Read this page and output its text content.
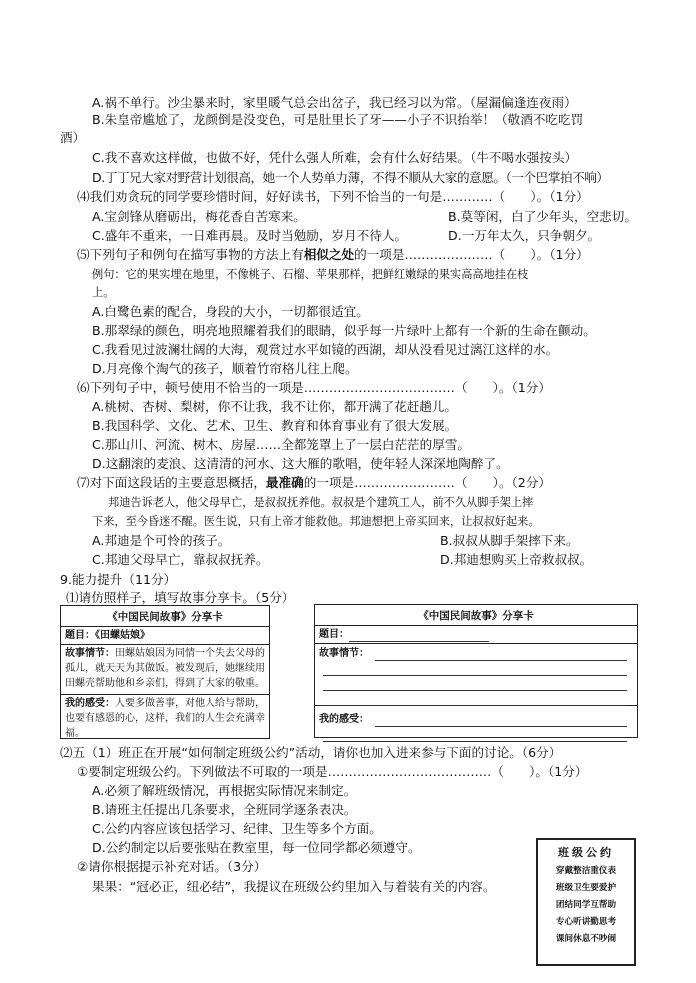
A.祸不单行。沙尘暴来时，家里暖气总会出岔子，我已经习以为常。（屋漏偏逢连夜雨）
B.朱皇帝尴尬了，龙颜倒是没变色，可是肚里长了牙——小子不识抬举！（敬酒不吃吃罚
酒）
C.我不喜欢这样做，也做不好，凭什么强人所难，会有什么好结果。（牛不喝水强按头）
D.丁丁兄大家对野营计划很高，她一个人势单力薄，不得不顺从大家的意愿。（一个巴掌拍不响）
⑷我们劝贪玩的同学要珍惜时间，好好读书，下列不恰当的一句是…………（　　）。（1分）
A.宝剑锋从磨砺出，梅花香自苦寒来。	B.莫等闲，白了少年头，空悲切。
C.盛年不重来，一日难再晨。及时当勉励，岁月不待人。	D.一万年太久，只争朝夕。
⑸下列句子和例句在描写事物的方法上有相似之处的一项是…………………（　　）。（1分）
例句：它的果实埋在地里，不像桃子、石榴、苹果那样，把鲜红嫩绿的果实高高地挂在枝
上。
A.白鹭色素的配合，身段的大小，一切都很适宜。
B.那翠绿的颜色，明亮地照耀着我们的眼睛，似乎每一片绿叶上都有一个新的生命在颤动。
C.我看见过波澜壮阔的大海，观赏过水平如镜的西湖，却从没看见过漓江这样的水。
D.月亮像个淘气的孩子，顺着竹帘格儿往上爬。
⑹下列句子中，顿号使用不恰当的一项是………………………………（　　）。（1分）
A.桃树、杏树、梨树，你不让我，我不让你，都开满了花赶趟儿。
B.我国科学、文化、艺术、卫生、教育和体育事业有了很大发展。
C.那山川、河流、树木、房屋……全都笼罩上了一层白茫茫的厚雪。
D.这翻滚的麦浪、这清清的河水、这大雁的歌唱，使年轻人深深地陶醉了。
⑺对下面这段话的主要意思概括，最准确的一项是……………………（　　）。（2分）
邦迪告诉老人，他父母早亡，是叔叔抚养他。叔叔是个建筑工人，前不久从脚手架上摔
下来，至今昏迷不醒。医生说，只有上帝才能救他。邦迪想把上帝买回来，让叔叔好起来。
A.邦迪是个可怜的孩子。	B.叔叔从脚手架摔下来。
C.邦迪父母早亡，靠叔叔抚养。	D.邦迪想购买上帝救叔叔。
9.能力提升（11分）
⑴请仿照样子，填写故事分享卡。（5分）
《中国民间故事》分享卡
题目：《田螺姑娘》
故事情节：田螺姑娘因为同情一个失去父母的孤儿，就天天为其做饭。被发现后，她继续用田螺壳帮助他和乡亲们，得到了大家的敬重。
我的感受：人要多做善事，对他人给与帮助，也要有感恩的心，这样，我们的人生会充满幸福。
《中国民间故事》分享卡
题目：
故事情节：
我的感受：
⑵五（1）班正在开展“如何制定班级公约”活动，请你也加入进来参与下面的讨论。（6分）
①要制定班级公约。下列做法不可取的一项是…………………………………（　　）。（1分）
A.必须了解班级情况，再根据实际情况来制定。
B.请班主任提出几条要求，全班同学逐条表决。
C.公约内容应该包括学习、纪律、卫生等多个方面。
D.公约制定以后要张贴在教室里，每一位同学都必须遵守。
②请你根据提示补充对话。（3分）
果果：“冠必正，纽必结”，我提议在班级公约里加入与着装有关的内容。
班级公约
穿戴整洁重仪表
班级卫生要爱护
团结同学互帮助
专心听讲勤思考
课间休息不吵闹
